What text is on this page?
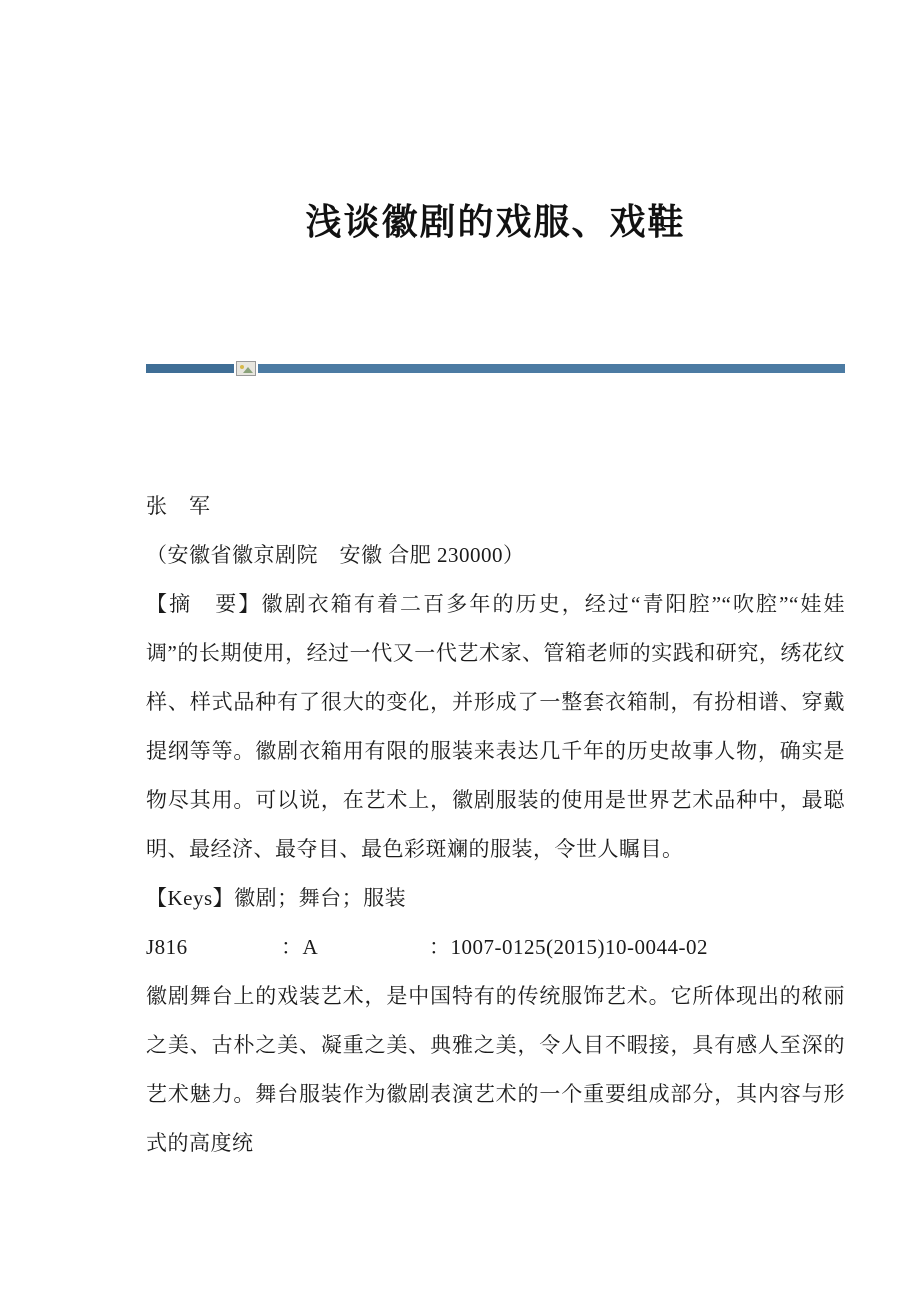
浅谈徽剧的戏服、戏鞋
张　军
（安徽省徽京剧院　安徽 合肥 230000）
【摘　要】徽剧衣箱有着二百多年的历史，经过“青阳腔”“吹腔”“娃娃调”的长期使用，经过一代又一代艺术家、管箱老师的实践和研究，绣花纹样、样式品种有了很大的变化，并形成了一整套衣箱制，有扮相谱、穿戴提纲等等。徽剧衣箱用有限的服装来表达几千年的历史故事人物，确实是物尽其用。可以说，在艺术上，徽剧服装的使用是世界艺术品种中，最聪明、最经济、最夺目、最色彩斑斓的服装，令世人瞩目。
【Keys】徽剧；舞台；服装
J816	：A	：1007-0125(2015)10-0044-02
徽剧舞台上的戏装艺术，是中国特有的传统服饰艺术。它所体现出的秾丽之美、古朴之美、凝重之美、典雅之美，令人目不暇接，具有感人至深的艺术魅力。舞台服装作为徽剧表演艺术的一个重要组成部分，其内容与形式的高度统
